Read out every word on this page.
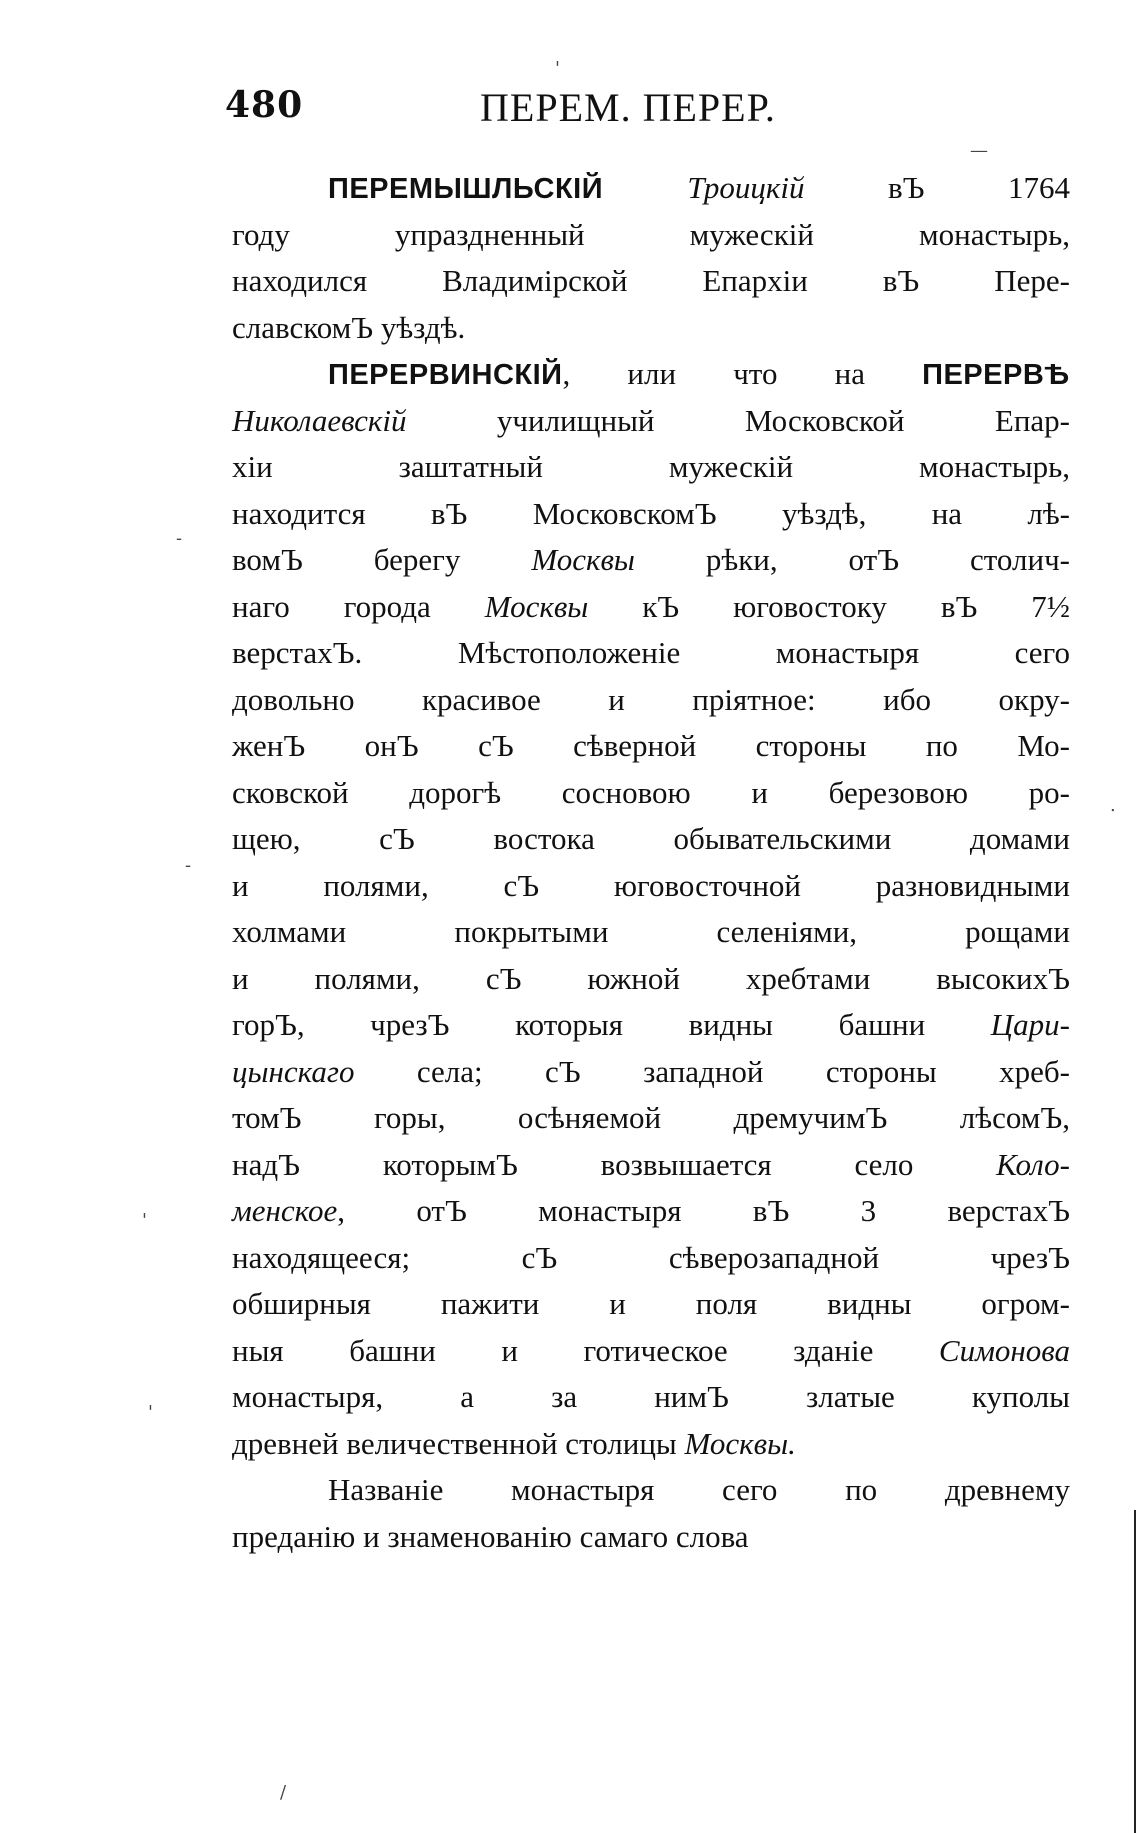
480	ПЕРЕМ. ПЕРЕР.
ПЕРЕМЫШЛЬСКІЙ Троицкій вЪ 1764
году упраздненный мужескій монастырь,
находился Владимірской Епархіи вЪ Пере-
славскомЪ уѣздѣ.
ПЕРЕРВИНСКІЙ, или что на ПЕРЕРВѢ
Николаевскій училищный Московской Епар-
хіи заштатный мужескій монастырь,
находится вЪ МосковскомЪ уѣздѣ, на лѣ-
вомЪ берегу Москвы рѣки, отЪ столич-
наго города Москвы кЪ юговостоку вЪ 7½
верстахЪ. Мѣстоположеніе монастыря сего
довольно красивое и пріятное: ибо окру-
женЪ онЪ сЪ сѣверной стороны по Мо-
сковской дорогѣ сосновою и березовою ро-
щею, сЪ востока обывательскими домами
и полями, сЪ юговосточной разновидными
холмами покрытыми селеніями, рощами
и полями, сЪ южной хребтами высокихЪ
горЪ, чрезЪ которыя видны башни Цари-
цынскаго села; сЪ западной стороны хреб-
томЪ горы, осѣняемой дремучимЪ лѣсомЪ,
надЪ которымЪ возвышается село Коло-
менское, отЪ монастыря вЪ 3 верстахЪ
находящееся; сЪ сѣверозападной чрезЪ
обширныя пажити и поля видны огром-
ныя башни и готическое зданіе Симонова
монастыря, а за нимЪ златые куполы
древней величественной столицы Москвы.
Названіе монастыря сего по древнему
преданію и знаменованію самаго слова
'
—
-
-
'
'
.
/
